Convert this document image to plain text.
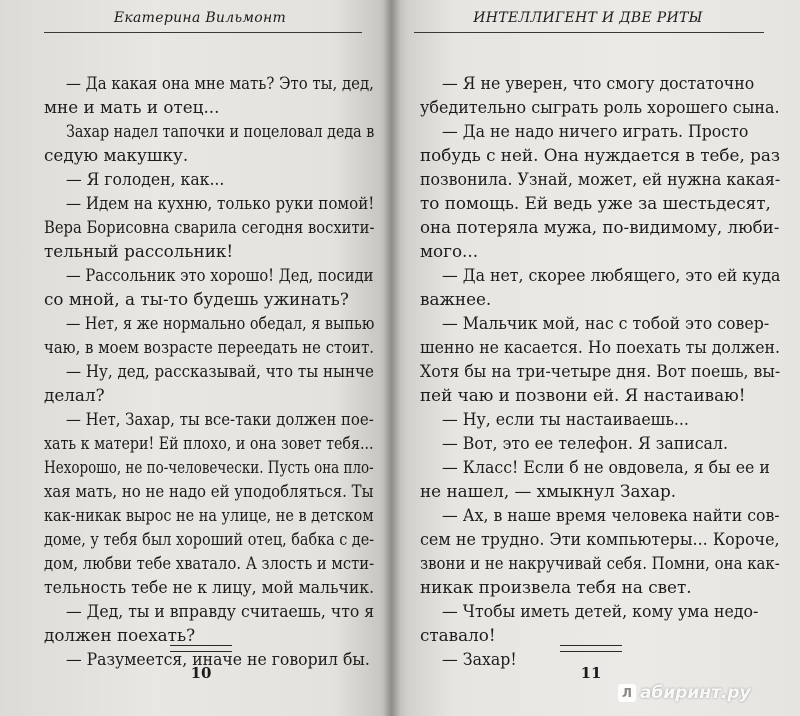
Екатерина Вильмонт
— Да какая она мне мать? Это ты, дед,
мне и мать и отец...
Захар надел тапочки и поцеловал деда в
седую макушку.
— Я голоден, как...
— Идем на кухню, только руки помой!
Вера Борисовна сварила сегодня восхити-
тельный рассольник!
— Рассольник это хорошо! Дед, посиди
со мной, а ты-то будешь ужинать?
— Нет, я же нормально обедал, я выпью
чаю, в моем возрасте переедать не стоит.
— Ну, дед, рассказывай, что ты нынче
делал?
— Нет, Захар, ты все-таки должен пое-
хать к матери! Ей плохо, и она зовет тебя...
Нехорошо, не по-человечески. Пусть она пло-
хая мать, но не надо ей уподобляться. Ты
как-никак вырос не на улице, не в детском
доме, у тебя был хороший отец, бабка с де-
дом, любви тебе хватало. А злость и мсти-
тельность тебе не к лицу, мой мальчик.
— Дед, ты и вправду считаешь, что я
должен поехать?
— Разумеется, иначе не говорил бы.
10
ИНТЕЛЛИГЕНТ И ДВЕ РИТЫ
— Я не уверен, что смогу достаточно
убедительно сыграть роль хорошего сына.
— Да не надо ничего играть. Просто
побудь с ней. Она нуждается в тебе, раз
позвонила. Узнай, может, ей нужна какая-
то помощь. Ей ведь уже за шестьдесят,
она потеряла мужа, по-видимому, люби-
мого...
— Да нет, скорее любящего, это ей куда
важнее.
— Мальчик мой, нас с тобой это совер-
шенно не касается. Но поехать ты должен.
Хотя бы на три-четыре дня. Вот поешь, вы-
пей чаю и позвони ей. Я настаиваю!
— Ну, если ты настаиваешь...
— Вот, это ее телефон. Я записал.
— Класс! Если б не овдовела, я бы ее и
не нашел, — хмыкнул Захар.
— Ах, в наше время человека найти сов-
сем не трудно. Эти компьютеры... Короче,
звони и не накручивай себя. Помни, она как-
никак произвела тебя на свет.
— Чтобы иметь детей, кому ума недо-
ставало!
— Захар!
11
Л абиринт.ру
